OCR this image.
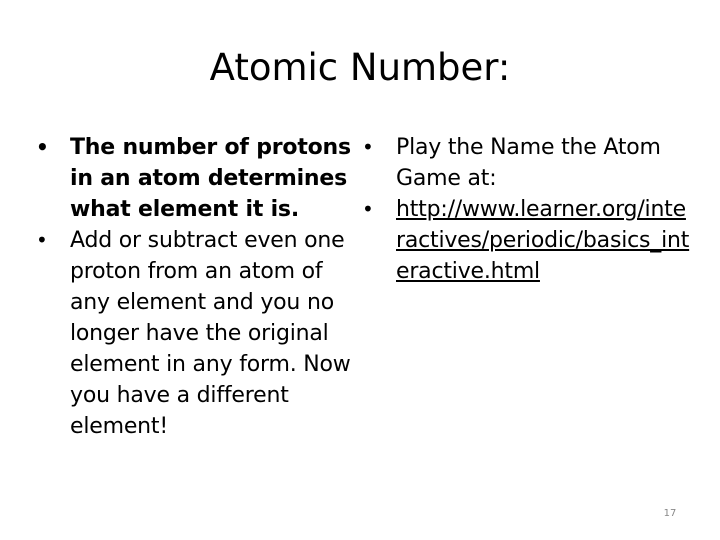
Atomic Number:

• The number of protons in an atom determines what element it is.

•	Add or subtract even one proton from an atom of any element and you no longer have the original element in any form. Now you have a different element!

•	Play the Name the Atom Game at:

•	http://www.learner.org/interactives/periodic/basics_interactive.html

17
